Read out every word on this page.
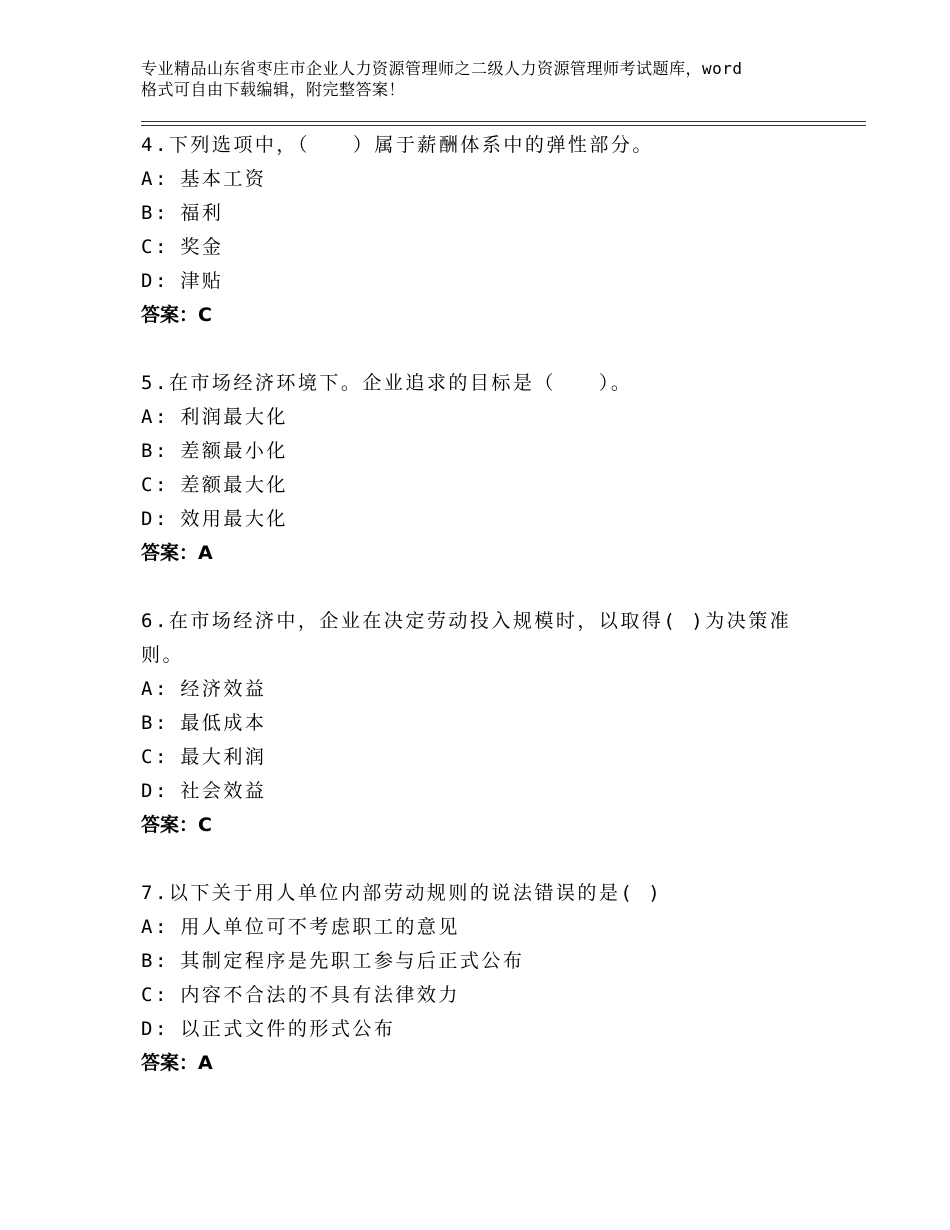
专业精品山东省枣庄市企业人力资源管理师之二级人力资源管理师考试题库，word
格式可自由下载编辑，附完整答案！
4.下列选项中，（　　）属于薪酬体系中的弹性部分。
A: 基本工资
B: 福利
C: 奖金
D: 津贴
答案：C
5.在市场经济环境下。企业追求的目标是（　　）。
A: 利润最大化
B: 差额最小化
C: 差额最大化
D: 效用最大化
答案：A
6.在市场经济中，企业在决定劳动投入规模时，以取得( )为决策准
则。
A: 经济效益
B: 最低成本
C: 最大利润
D: 社会效益
答案：C
7.以下关于用人单位内部劳动规则的说法错误的是( )
A: 用人单位可不考虑职工的意见
B: 其制定程序是先职工参与后正式公布
C: 内容不合法的不具有法律效力
D: 以正式文件的形式公布
答案：A
